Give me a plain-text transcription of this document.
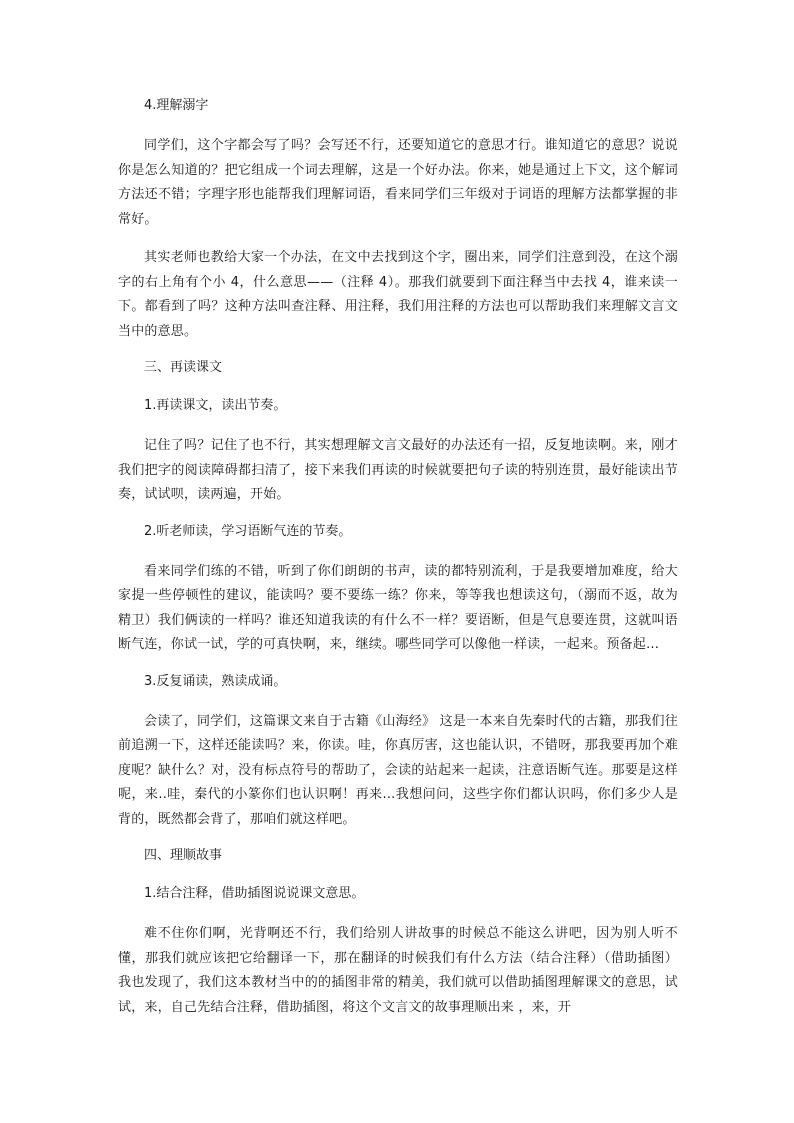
4.理解溺字

同学们，这个字都会写了吗？会写还不行，还要知道它的意思才行。谁知道它的意思？说说你是怎么知道的？把它组成一个词去理解，这是一个好办法。你来，她是通过上下文，这个解词方法还不错；字理字形也能帮我们理解词语，看来同学们三年级对于词语的理解方法都掌握的非常好。

其实老师也教给大家一个办法，在文中去找到这个字，圈出来，同学们注意到没，在这个溺字的右上角有个小 4，什么意思——（注释 4）。那我们就要到下面注释当中去找 4，谁来读一下。都看到了吗？这种方法叫查注释、用注释，我们用注释的方法也可以帮助我们来理解文言文当中的意思。

三、再读课文
1.再读课文，读出节奏。

记住了吗？记住了也不行，其实想理解文言文最好的办法还有一招，反复地读啊。来，刚才我们把字的阅读障碍都扫清了，接下来我们再读的时候就要把句子读的特别连贯，最好能读出节奏，试试呗，读两遍，开始。

2.听老师读，学习语断气连的节奏。

看来同学们练的不错，听到了你们朗朗的书声，读的都特别流利，于是我要增加难度，给大家提一些停顿性的建议，能读吗？要不要练一练？你来，等等我也想读这句，（溺而不返，故为精卫）我们俩读的一样吗？谁还知道我读的有什么不一样？要语断，但是气息要连贯，这就叫语断气连，你试一试，学的可真快啊，来，继续。哪些同学可以像他一样读，一起来。预备起…

3.反复诵读，熟读成诵。

会读了，同学们，这篇课文来自于古籍《山海经》 这是一本来自先秦时代的古籍，那我们往前追溯一下，这样还能读吗？来，你读。哇，你真厉害，这也能认识，不错呀，那我要再加个难度呢？缺什么？对，没有标点符号的帮助了，会读的站起来一起读，注意语断气连。那要是这样呢，来..哇，秦代的小篆你们也认识啊！再来...我想问问，这些字你们都认识吗，你们多少人是背的，既然都会背了，那咱们就这样吧。

四、理顺故事
1.结合注释，借助插图说说课文意思。

难不住你们啊，光背啊还不行，我们给别人讲故事的时候总不能这么讲吧，因为别人听不懂，那我们就应该把它给翻译一下，那在翻译的时候我们有什么方法（结合注释）（借助插图）我也发现了，我们这本教材当中的的插图非常的精美，我们就可以借助插图理解课文的意思，试试，来，自己先结合注释，借助插图，将这个文言文的故事理顺出来 ，来，开
